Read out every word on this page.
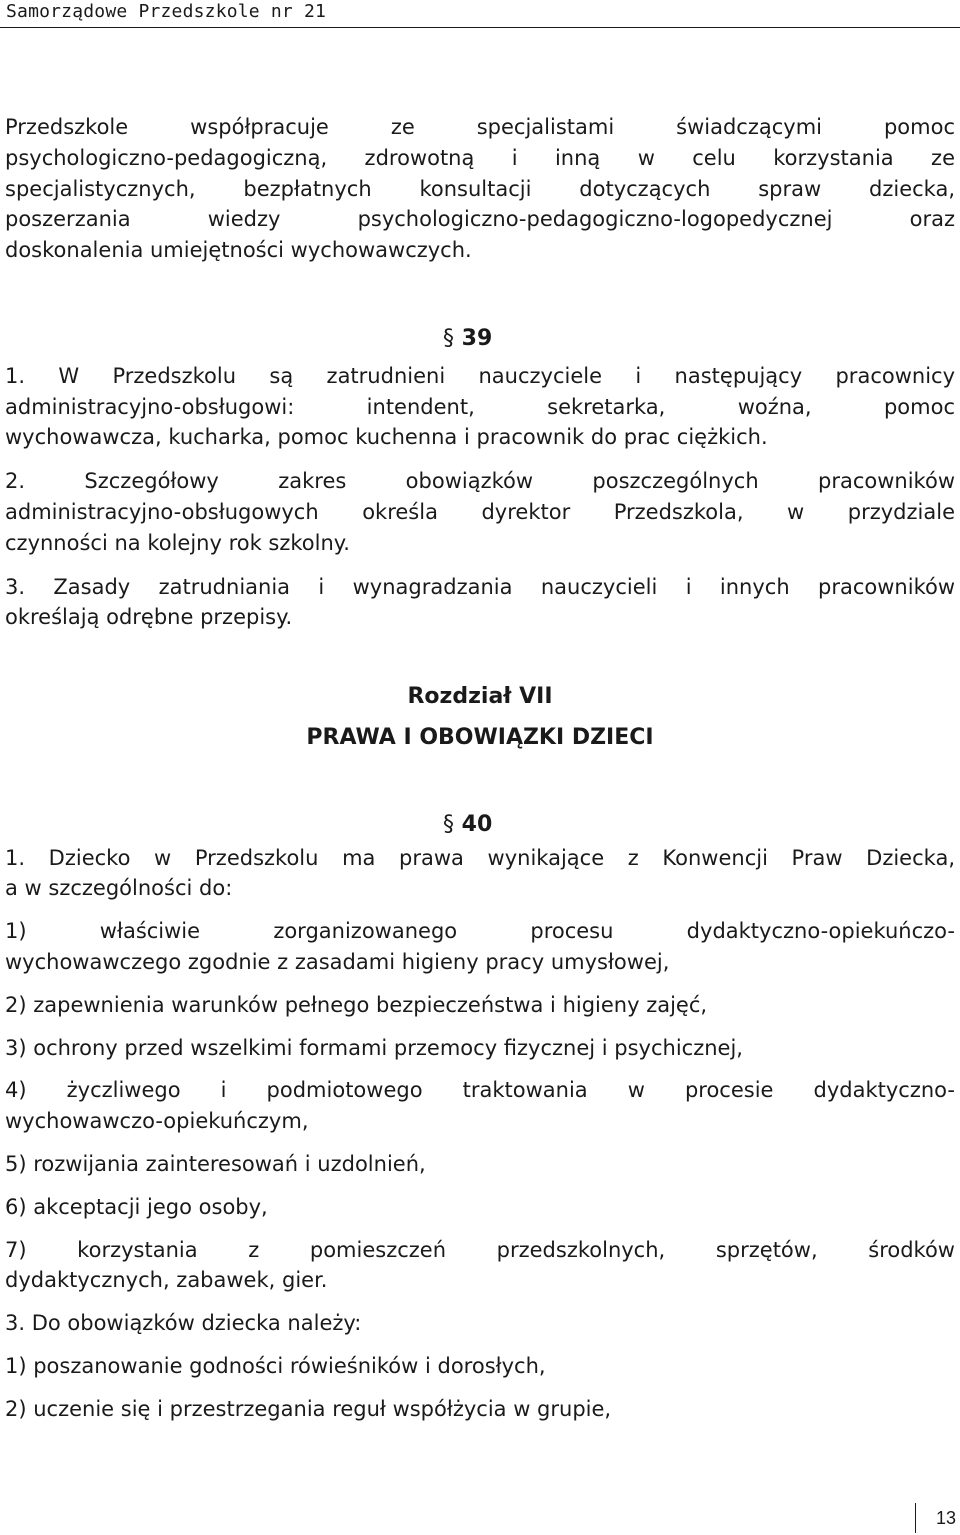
Samorządowe Przedszkole nr 21
Przedszkole współpracuje ze specjalistami świadczącymi pomoc
psychologiczno-pedagogiczną, zdrowotną i inną w celu korzystania ze
specjalistycznych, bezpłatnych konsultacji dotyczących spraw dziecka,
poszerzania wiedzy psychologiczno-pedagogiczno-logopedycznej oraz
doskonalenia umiejętności wychowawczych.

§ 39

1. W Przedszkolu są zatrudnieni nauczyciele i następujący pracownicy
administracyjno-obsługowi: intendent, sekretarka, woźna, pomoc
wychowawcza, kucharka, pomoc kuchenna i pracownik do prac ciężkich.
2. Szczegółowy zakres obowiązków poszczególnych pracowników
administracyjno-obsługowych określa dyrektor Przedszkola, w przydziale
czynności na kolejny rok szkolny.
3. Zasady zatrudniania i wynagradzania nauczycieli i innych pracowników
określają odrębne przepisy.

Rozdział VII

PRAWA I OBOWIĄZKI DZIECI

§ 40

1. Dziecko w Przedszkolu ma prawa wynikające z Konwencji Praw Dziecka,
a w szczególności do:
1) właściwie zorganizowanego procesu dydaktyczno-opiekuńczo-
wychowawczego zgodnie z zasadami higieny pracy umysłowej,
2) zapewnienia warunków pełnego bezpieczeństwa i higieny zajęć,
3) ochrony przed wszelkimi formami przemocy fizycznej i psychicznej,
4) życzliwego i podmiotowego traktowania w procesie dydaktyczno-
wychowawczo-opiekuńczym,
5) rozwijania zainteresowań i uzdolnień,
6) akceptacji jego osoby,
7) korzystania z pomieszczeń przedszkolnych, sprzętów, środków
dydaktycznych, zabawek, gier.
3. Do obowiązków dziecka należy:
1) poszanowanie godności rówieśników i dorosłych,
2) uczenie się i przestrzegania reguł współżycia w grupie,
13
